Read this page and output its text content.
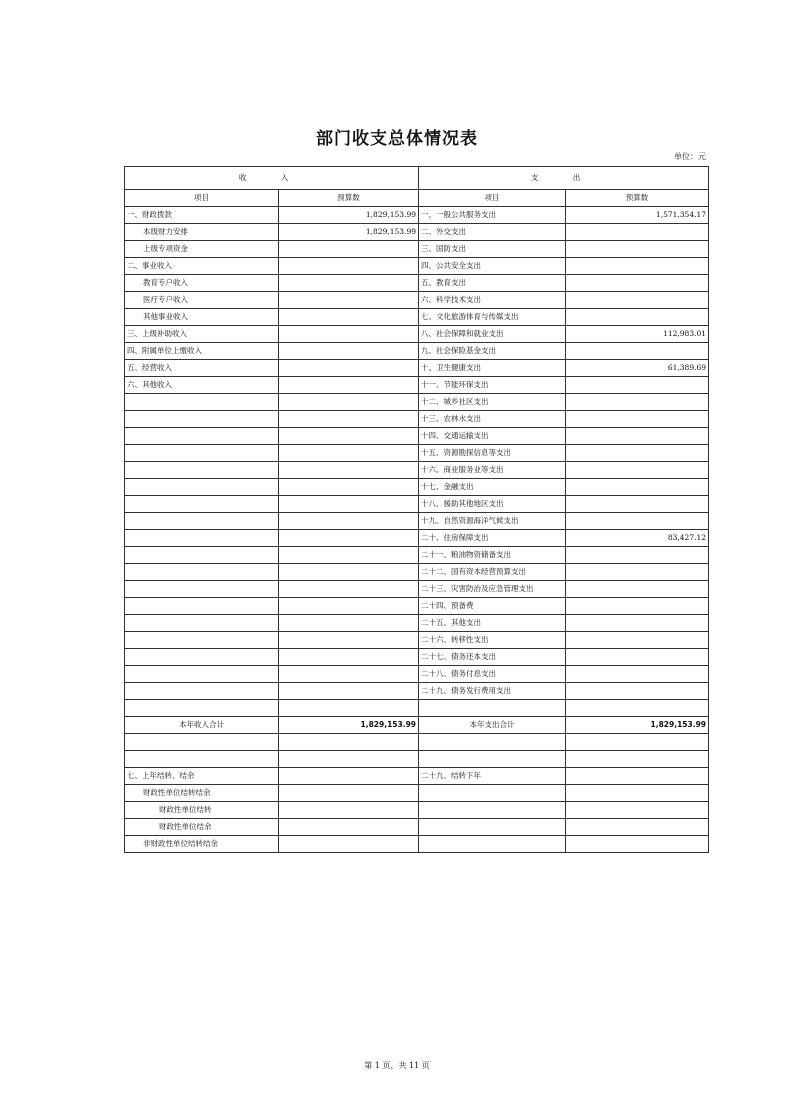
部门收支总体情况表
单位：元
收 入		支 出	
项目	预算数	项目	预算数
一、财政拨款	1,829,153.99	一、一般公共服务支出	1,571,354.17
本级财力安排	1,829,153.99	二、外交支出	
上级专项资金		三、国防支出	
二、事业收入		四、公共安全支出	
教育专户收入		五、教育支出	
医疗专户收入		六、科学技术支出	
其他事业收入		七、文化旅游体育与传媒支出	
三、上级补助收入		八、社会保障和就业支出	112,983.01
四、附属单位上缴收入		九、社会保险基金支出	
五、经营收入		十、卫生健康支出	61,389.69
六、其他收入		十一、节能环保支出	
		十二、城乡社区支出	
		十三、农林水支出	
		十四、交通运输支出	
		十五、资源勘探信息等支出	
		十六、商业服务业等支出	
		十七、金融支出	
		十八、援助其他地区支出	
		十九、自然资源海洋气候支出	
		二十、住房保障支出	83,427.12
		二十一、粮油物资储备支出	
		二十二、国有资本经营预算支出	
		二十三、灾害防治及应急管理支出	
		二十四、预备费	
		二十五、其他支出	
		二十六、转移性支出	
		二十七、债务还本支出	
		二十八、债务付息支出	
		二十九、债务发行费用支出	

本年收入合计	1,829,153.99	本年支出合计	1,829,153.99

七、上年结转、结余		二十九、结转下年	
财政性单位结转结余			
财政性单位结转			
财政性单位结余			
非财政性单位结转结余			
第 1 页，共 11 页
